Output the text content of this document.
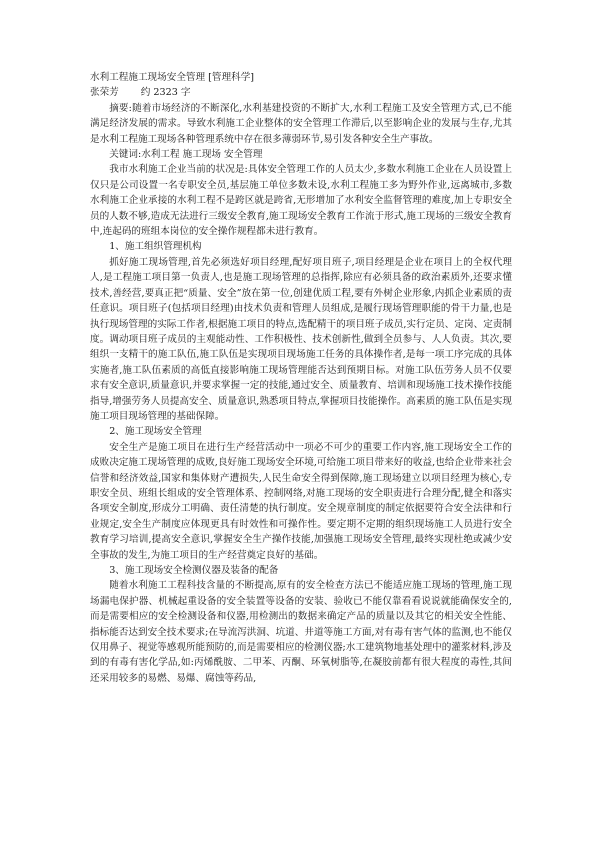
水利工程施工现场安全管理 [管理科学]

张荣芳 约 2323 字

摘要:随着市场经济的不断深化,水利基建投资的不断扩大,水利工程施工及安全管理方式,已不能满足经济发展的需求。导致水利施工企业整体的安全管理工作滞后,以至影响企业的发展与生存,尤其是水利工程施工现场各种管理系统中存在很多薄弱环节,易引发各种安全生产事故。

关键词:水利工程 施工现场 安全管理

我市水利施工企业当前的状况是:具体安全管理工作的人员太少,多数水利施工企业在人员设置上仅只是公司设置一名专职安全员,基层施工单位多数未设,水利工程施工多为野外作业,远离城市,多数水利施工企业承接的水利工程不是跨区就是跨省,无形增加了水利安全监督管理的难度,加上专职安全员的人数不够,造成无法进行三级安全教育,施工现场安全教育工作流于形式,施工现场的三级安全教育中,连起码的班组本岗位的安全操作规程都未进行教育。

1、施工组织管理机构

抓好施工现场管理,首先必须选好项目经理,配好项目班子,项目经理是企业在项目上的全权代理人,是工程施工项目第一负责人,也是施工现场管理的总指挥,除应有必须具备的政治素质外,还要求懂技术,善经营,要真正把“质量、安全”放在第一位,创建优质工程,要有外树企业形象,内抓企业素质的责任意识。项目班子(包括项目经理)由技术负责和管理人员组成,是履行现场管理职能的骨干力量,也是执行现场管理的实际工作者,根据施工项目的特点,选配精干的项目班子成员,实行定员、定岗、定责制度。调动项目班子成员的主观能动性、工作积极性、技术创新性,做到全员参与、人人负责。其次,要组织一支精干的施工队伍,施工队伍是实现项目现场施工任务的具体操作者,是每一项工序完成的具体实施者,施工队伍素质的高低直接影响施工现场管理能否达到预期目标。对施工队伍劳务人员不仅要求有安全意识,质量意识,并要求掌握一定的技能,通过安全、质量教育、培训和现场施工技术操作技能指导,增强劳务人员提高安全、质量意识,熟悉项目特点,掌握项目技能操作。高素质的施工队伍是实现施工项目现场管理的基础保障。

2、施工现场安全管理

安全生产是施工项目在进行生产经营活动中一项必不可少的重要工作内容,施工现场安全工作的成败决定施工现场管理的成败,良好施工现场安全环境,可给施工项目带来好的收益,也给企业带来社会信誉和经济效益,国家和集体财产遭损失,人民生命安全得到保障,施工现场建立以项目经理为核心,专职安全员、班组长组成的安全管理体系、控制网络,对施工现场的安全职责进行合理分配,健全和落实各项安全制度,形成分工明确、责任清楚的执行制度。安全规章制度的制定依据要符合安全法律和行业规定,安全生产制度应体现更具有时效性和可操作性。要定期不定期的组织现场施工人员进行安全教育学习培训,提高安全意识,掌握安全生产操作技能,加强施工现场安全管理,最终实现杜绝或减少安全事故的发生,为施工项目的生产经营奠定良好的基础。

3、施工现场安全检测仪器及装备的配备

随着水利施工工程科技含量的不断提高,原有的安全检查方法已不能适应施工现场的管理,施工现场漏电保护器、机械起重设备的安全装置等设备的安装、验收已不能仅靠看看说说就能确保安全的,而是需要相应的安全检测设备和仪器,用检测出的数据来确定产品的质量以及其它的相关安全性能、指标能否达到安全技术要求;在导流泻洪洞、坑道、井道等施工方面,对有毒有害气体的监测,也不能仅仅用鼻子、视觉等感观所能预防的,而是需要相应的检测仪器;水工建筑物地基处理中的灌浆材料,涉及到的有毒有害化学品,如:丙烯酰胺、二甲苯、丙酮、环氧树脂等,在凝胶前都有很大程度的毒性,其间还采用较多的易燃、易爆、腐蚀等药品,
